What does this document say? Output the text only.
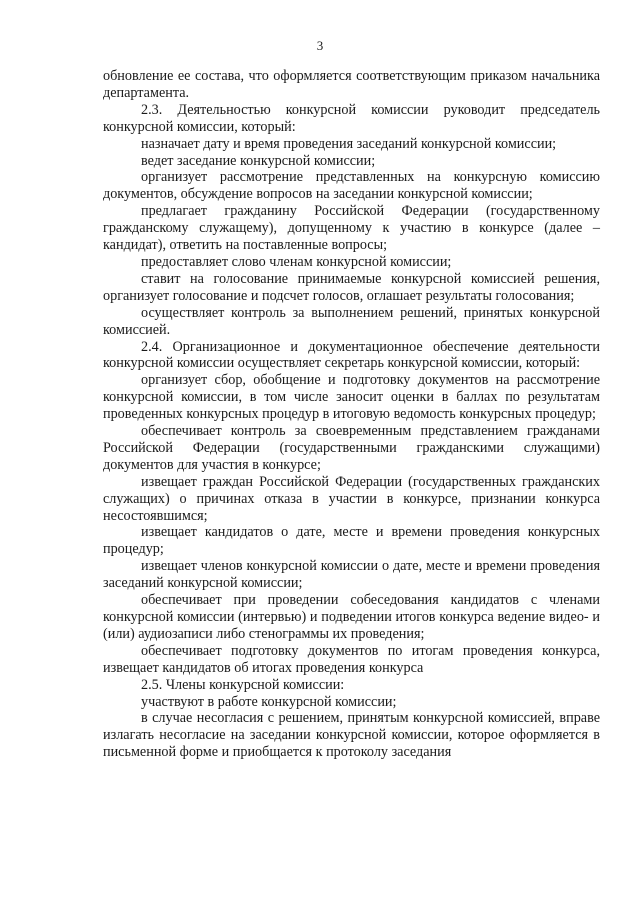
3

обновление ее состава, что оформляется соответствующим приказом начальника департамента.

2.3. Деятельностью конкурсной комиссии руководит председатель конкурсной комиссии, который:

назначает дату и время проведения заседаний конкурсной комиссии;

ведет заседание конкурсной комиссии;

организует рассмотрение представленных на конкурсную комиссию документов, обсуждение вопросов на заседании конкурсной комиссии;

предлагает гражданину Российской Федерации (государственному гражданскому служащему), допущенному к участию в конкурсе (далее – кандидат), ответить на поставленные вопросы;

предоставляет слово членам конкурсной комиссии;

ставит на голосование принимаемые конкурсной комиссией решения, организует голосование и подсчет голосов, оглашает результаты голосования;

осуществляет контроль за выполнением решений, принятых конкурсной комиссией.

2.4. Организационное и документационное обеспечение деятельности конкурсной комиссии осуществляет секретарь конкурсной комиссии, который:

организует сбор, обобщение и подготовку документов на рассмотрение конкурсной комиссии, в том числе заносит оценки в баллах по результатам проведенных конкурсных процедур в итоговую ведомость конкурсных процедур;

обеспечивает контроль за своевременным представлением гражданами Российской Федерации (государственными гражданскими служащими) документов для участия в конкурсе;

извещает граждан Российской Федерации (государственных гражданских служащих) о причинах отказа в участии в конкурсе, признании конкурса несостоявшимся;

извещает кандидатов о дате, месте и времени проведения конкурсных процедур;

извещает членов конкурсной комиссии о дате, месте и времени проведения заседаний конкурсной комиссии;

обеспечивает при проведении собеседования кандидатов с членами конкурсной комиссии (интервью) и подведении итогов конкурса ведение видео- и (или) аудиозаписи либо стенограммы их проведения;

обеспечивает подготовку документов по итогам проведения конкурса, извещает кандидатов об итогах проведения конкурса

2.5. Члены конкурсной комиссии:

участвуют в работе конкурсной комиссии;

в случае несогласия с решением, принятым конкурсной комиссией, вправе излагать несогласие на заседании конкурсной комиссии, которое оформляется в письменной форме и приобщается к протоколу заседания
